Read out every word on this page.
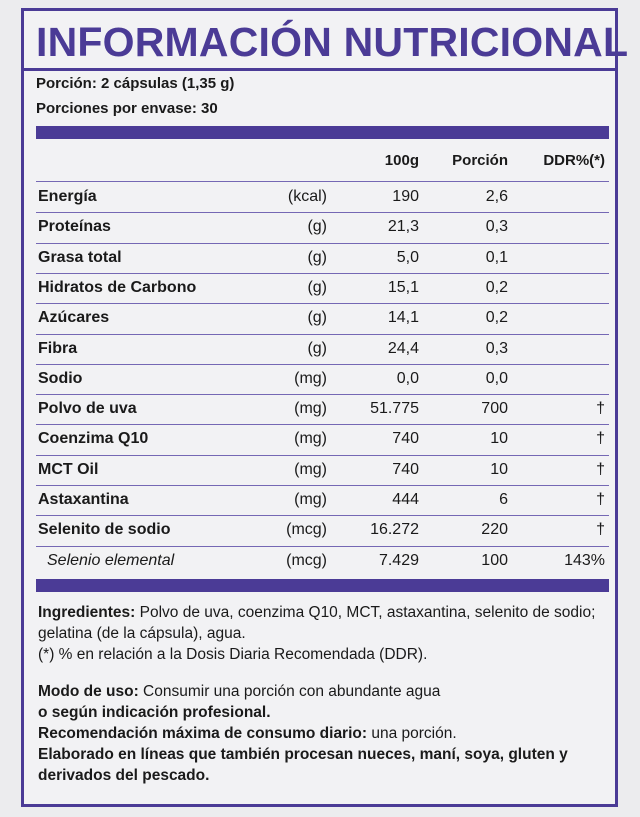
INFORMACIÓN NUTRICIONAL
Porción: 2 cápsulas (1,35 g)
Porciones por envase: 30
100g Porción DDR%(*)
Energía	(kcal)	190	2,6
Proteínas	(g)	21,3	0,3
Grasa total	(g)	5,0	0,1
Hidratos de Carbono	(g)	15,1	0,2
Azúcares	(g)	14,1	0,2
Fibra	(g)	24,4	0,3
Sodio	(mg)	0,0	0,0
Polvo de uva	(mg)	51.775	700	†
Coenzima Q10	(mg)	740	10	†
MCT Oil	(mg)	740	10	†
Astaxantina	(mg)	444	6	†
Selenito de sodio	(mcg)	16.272	220	†
Selenio elemental	(mcg)	7.429	100	143%

Ingredientes: Polvo de uva, coenzima Q10, MCT, astaxantina, selenito de sodio; gelatina (de la cápsula), agua.

(*) % en relación a la Dosis Diaria Recomendada (DDR).

Modo de uso: Consumir una porción con abundante agua

o según indicación profesional.

Recomendación máxima de consumo diario: una porción.

Elaborado en líneas que también procesan nueces, maní, soya, gluten y derivados del pescado.
